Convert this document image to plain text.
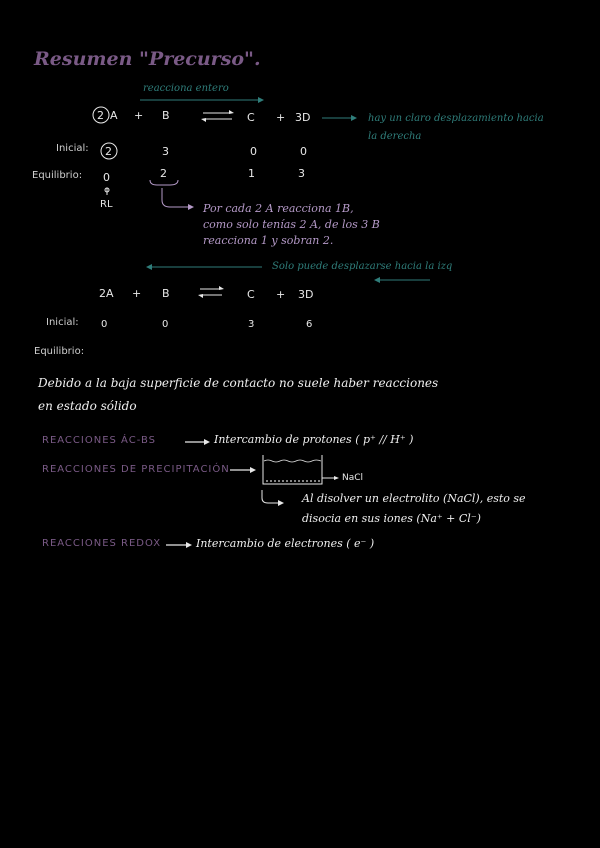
Resumen "Precurso".
reacciona entero
2 A + B	C + 3D	hay un claro desplazamiento hacia
la derecha
Inicial: 2	3	0	0
Equilibrio: 0	2	1	3
RL	Por cada 2 A reacciona 1B,
como solo tenías 2 A, de los 3 B
reacciona 1 y sobran 2.
Solo puede desplazarse hacia la izq
2A + B	C + 3D
Inicial: 0	0	3	6
Equilibrio:
Debido a la baja superficie de contacto no suele haber reacciones
en estado sólido
REACCIONES ÁC-BS	Intercambio de protones ( p⁺ // H⁺ )
REACCIONES DE PRECIPITACIÓN
NaCl
Al disolver un electrolito (NaCl), esto se
disocia en sus iones (Na⁺ + Cl⁻)
REACCIONES REDOX	Intercambio de electrones ( e⁻ )
